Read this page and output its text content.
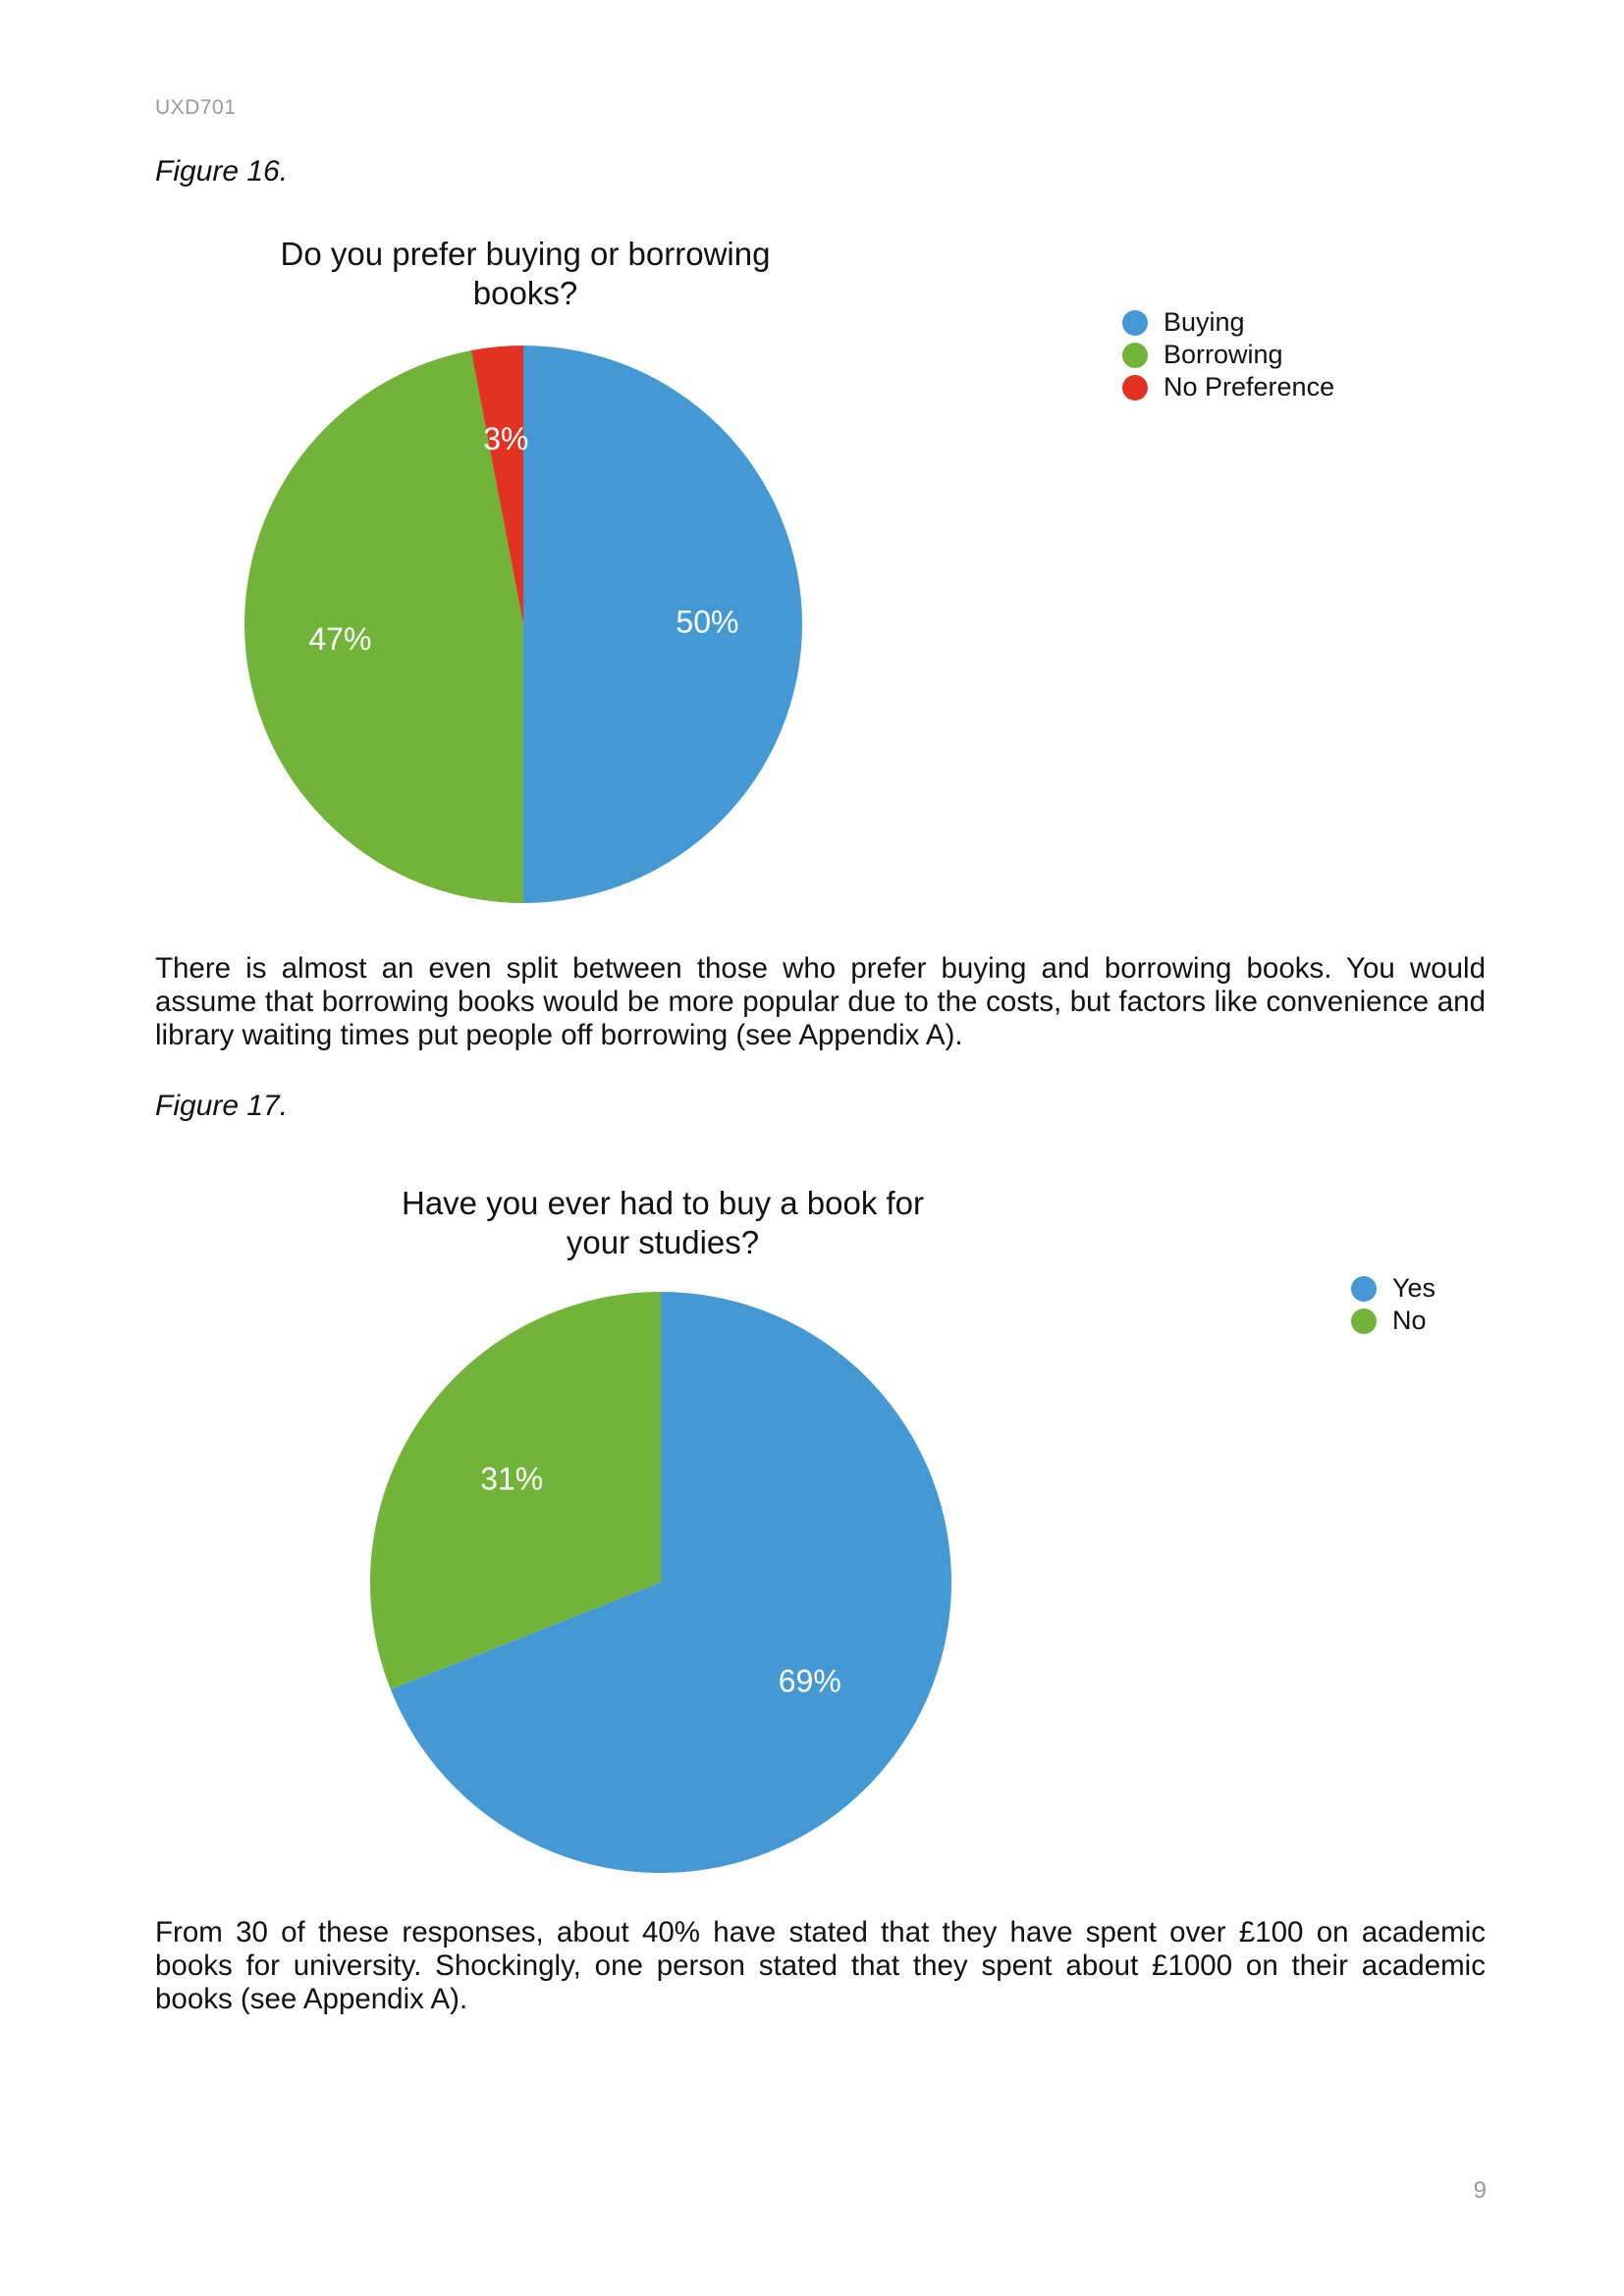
UXD701
Figure 16.
Do you prefer buying or borrowing
books?
50%
47%
3%
Buying
Borrowing
No Preference
There is almost an even split between those who prefer buying and borrowing books. You would assume that borrowing books would be more popular due to the costs, but factors like convenience and library waiting times put people off borrowing (see Appendix A).
Figure 17.
Have you ever had to buy a book for
your studies?
69%
31%
Yes
No
From 30 of these responses, about 40% have stated that they have spent over £100 on academic books for university. Shockingly, one person stated that they spent about £1000 on their academic books (see Appendix A).
9
